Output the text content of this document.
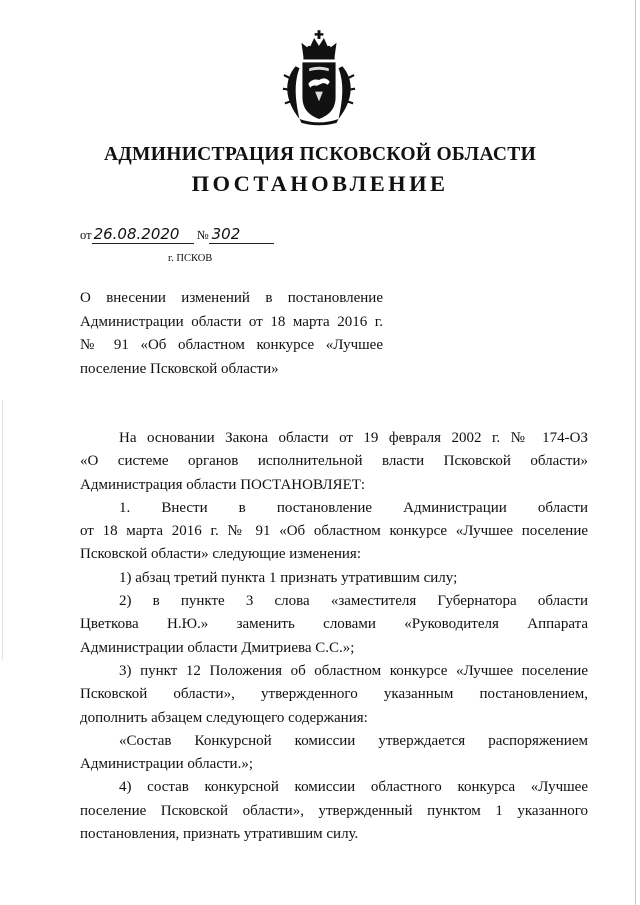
АДМИНИСТРАЦИЯ ПСКОВСКОЙ ОБЛАСТИ
ПОСТАНОВЛЕНИЕ
от 26.08.2020 № 302
г. ПСКОВ
О внесении изменений в постановление
Администрации области от 18 марта 2016 г.
№ 91 «Об областном конкурсе «Лучшее
поселение Псковской области»
На основании Закона области от 19 февраля 2002 г. № 174-ОЗ
«О системе органов исполнительной власти Псковской области»
Администрация области ПОСТАНОВЛЯЕТ:
1. Внести в постановление Администрации области
от 18 марта 2016 г. № 91 «Об областном конкурсе «Лучшее поселение
Псковской области» следующие изменения:
1) абзац третий пункта 1 признать утратившим силу;
2) в пункте 3 слова «заместителя Губернатора области
Цветкова Н.Ю.» заменить словами «Руководителя Аппарата
Администрации области Дмитриева С.С.»;
3) пункт 12 Положения об областном конкурсе «Лучшее поселение
Псковской области», утвержденного указанным постановлением,
дополнить абзацем следующего содержания:
«Состав Конкурсной комиссии утверждается распоряжением
Администрации области.»;
4) состав конкурсной комиссии областного конкурса «Лучшее
поселение Псковской области», утвержденный пунктом 1 указанного
постановления, признать утратившим силу.
